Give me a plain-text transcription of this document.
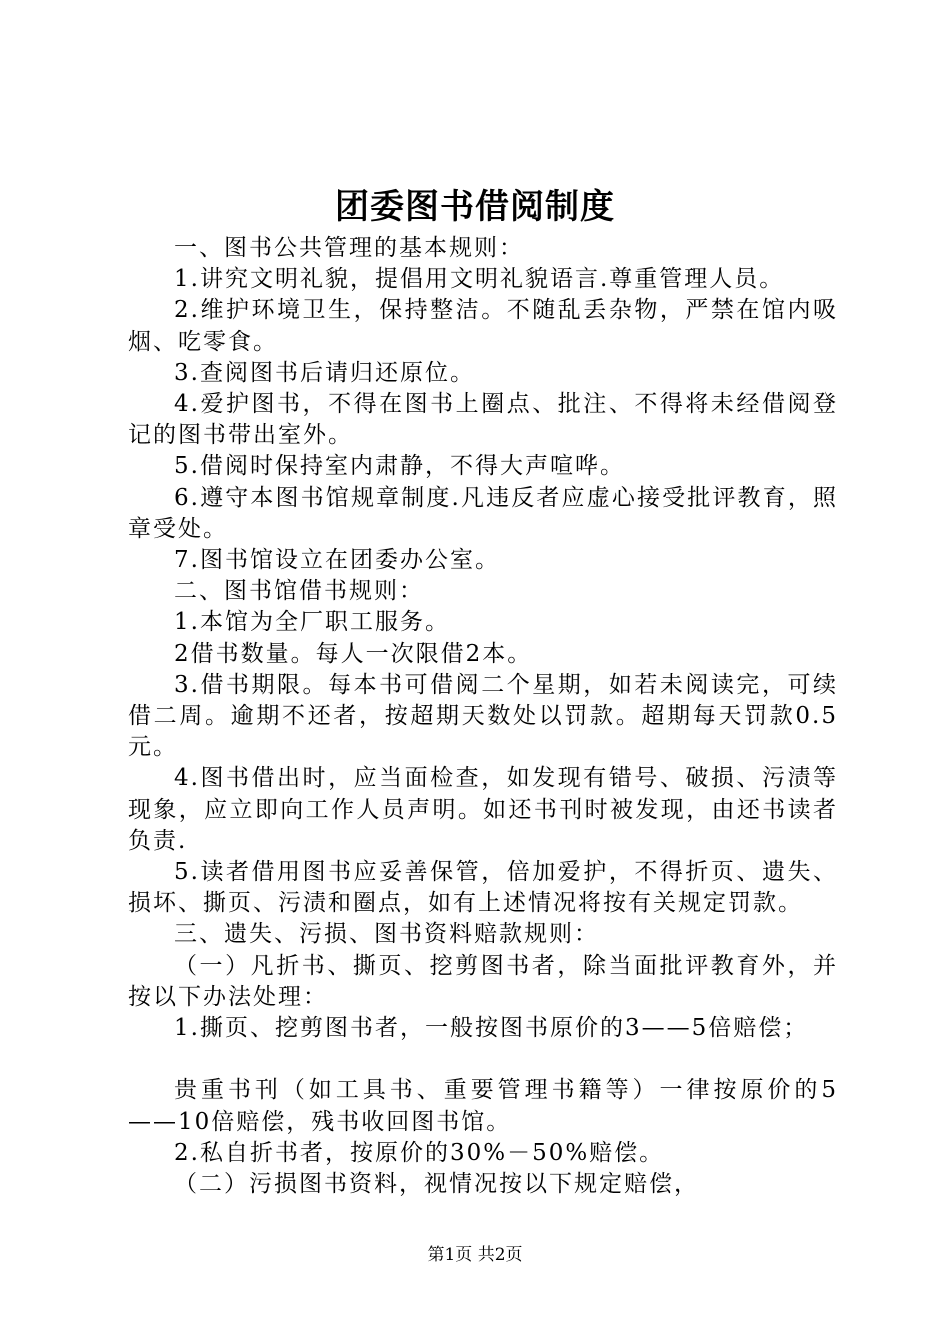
团委图书借阅制度

一、图书公共管理的基本规则：

1.讲究文明礼貌，提倡用文明礼貌语言.尊重管理人员。

2.维护环境卫生，保持整洁。不随乱丢杂物，严禁在馆内吸烟、吃零食。

3.查阅图书后请归还原位。

4.爱护图书，不得在图书上圈点、批注、不得将未经借阅登记的图书带出室外。

5.借阅时保持室内肃静，不得大声喧哗。

6.遵守本图书馆规章制度.凡违反者应虚心接受批评教育，照章受处。

7.图书馆设立在团委办公室。

二、图书馆借书规则：

1.本馆为全厂职工服务。

2借书数量。每人一次限借2本。

3.借书期限。每本书可借阅二个星期，如若未阅读完，可续借二周。逾期不还者，按超期天数处以罚款。超期每天罚款0.5元。

4.图书借出时，应当面检查，如发现有错号、破损、污渍等现象，应立即向工作人员声明。如还书刊时被发现，由还书读者负责.

5.读者借用图书应妥善保管，倍加爱护，不得折页、遗失、损坏、撕页、污渍和圈点，如有上述情况将按有关规定罚款。

三、遗失、污损、图书资料赔款规则：

（一）凡折书、撕页、挖剪图书者，除当面批评教育外，并按以下办法处理：

1.撕页、挖剪图书者，一般按图书原价的3——5倍赔偿；

贵重书刊（如工具书、重要管理书籍等）一律按原价的5——10倍赔偿，残书收回图书馆。

2.私自折书者，按原价的30%－50%赔偿。

（二）污损图书资料，视情况按以下规定赔偿，

第1页 共2页
